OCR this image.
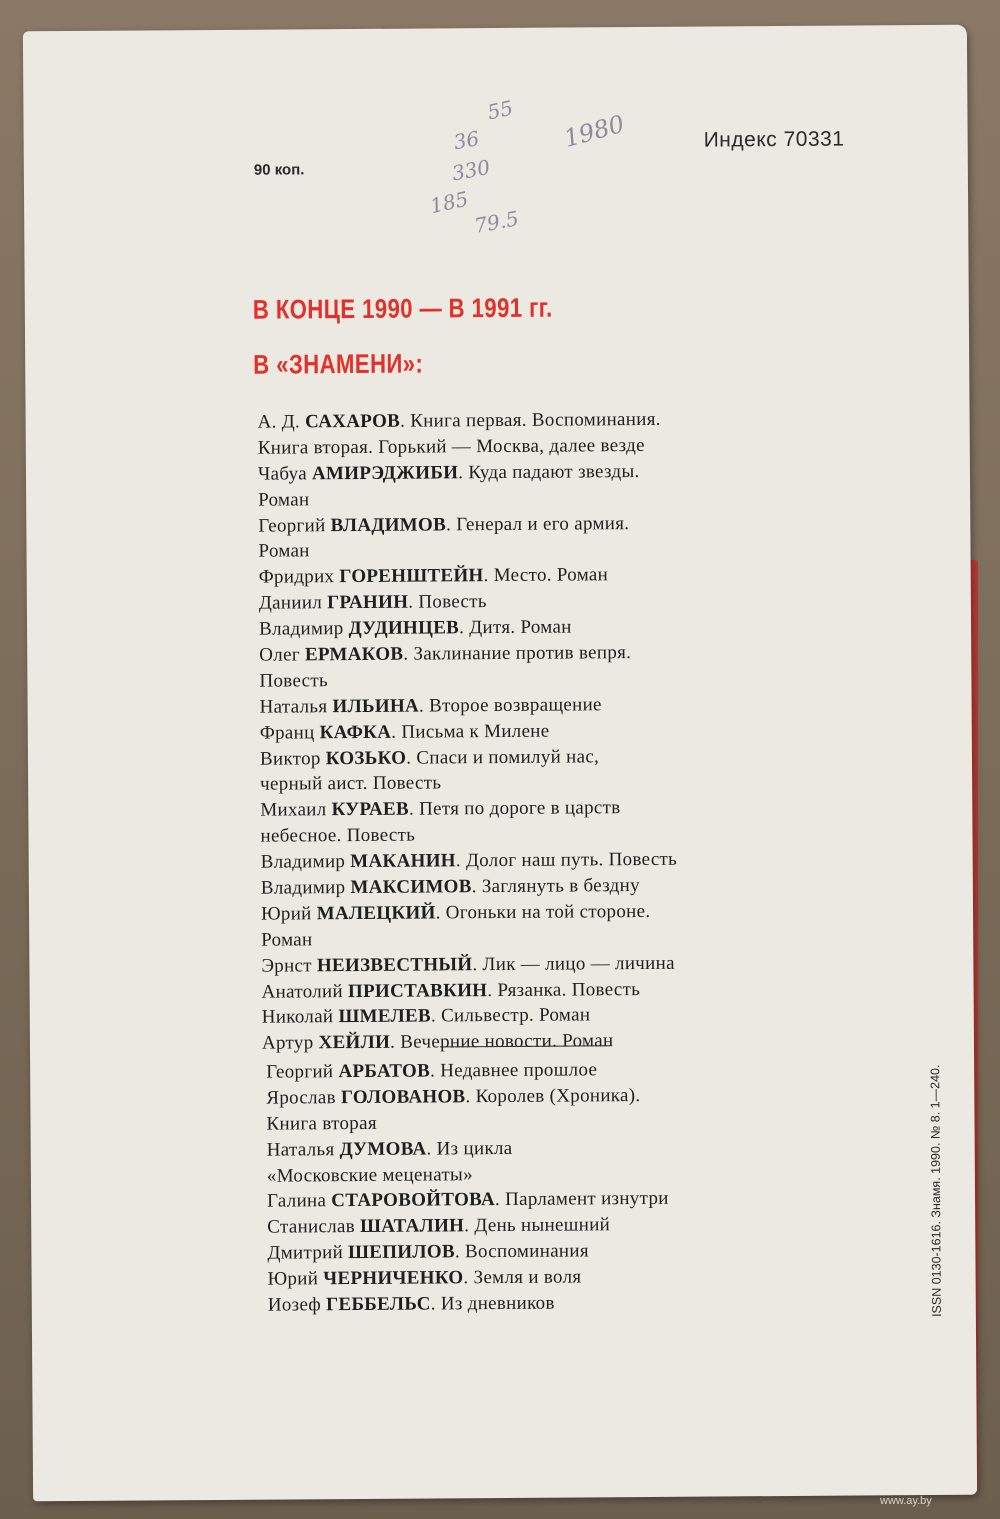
90 коп.
Индекс 70331
55
36
330
185
1980
79.5
В КОНЦЕ 1990 — В 1991 гг.
В «ЗНАМЕНИ»:
А. Д. САХАРОВ. Книга первая. Воспоминания.
Книга вторая. Горький — Москва, далее везде
Чабуа АМИРЭДЖИБИ. Куда падают звезды.
Роман
Георгий ВЛАДИМОВ. Генерал и его армия.
Роман
Фридрих ГОРЕНШТЕЙН. Место. Роман
Даниил ГРАНИН. Повесть
Владимир ДУДИНЦЕВ. Дитя. Роман
Олег ЕРМАКОВ. Заклинание против вепря.
Повесть
Наталья ИЛЬИНА. Второе возвращение
Франц КАФКА. Письма к Милене
Виктор КОЗЬКО. Спаси и помилуй нас,
черный аист. Повесть
Михаил КУРАЕВ. Петя по дороге в царств
небесное. Повесть
Владимир МАКАНИН. Долог наш путь. Повесть
Владимир МАКСИМОВ. Заглянуть в бездну
Юрий МАЛЕЦКИЙ. Огоньки на той стороне.
Роман
Эрнст НЕИЗВЕСТНЫЙ. Лик — лицо — личина
Анатолий ПРИСТАВКИН. Рязанка. Повесть
Николай ШМЕЛЕВ. Сильвестр. Роман
Артур ХЕЙЛИ. Вечерние новости. Роман
Георгий АРБАТОВ. Недавнее прошлое
Ярослав ГОЛОВАНОВ. Королев (Хроника).
Книга вторая
Наталья ДУМОВА. Из цикла
«Московские меценаты»
Галина СТАРОВОЙТОВА. Парламент изнутри
Станислав ШАТАЛИН. День нынешний
Дмитрий ШЕПИЛОВ. Воспоминания
Юрий ЧЕРНИЧЕНКО. Земля и воля
Иозеф ГЕББЕЛЬС. Из дневников	ISSN 0130-1616. Знамя. 1990. № 8. 1—240.
www.ay.by
